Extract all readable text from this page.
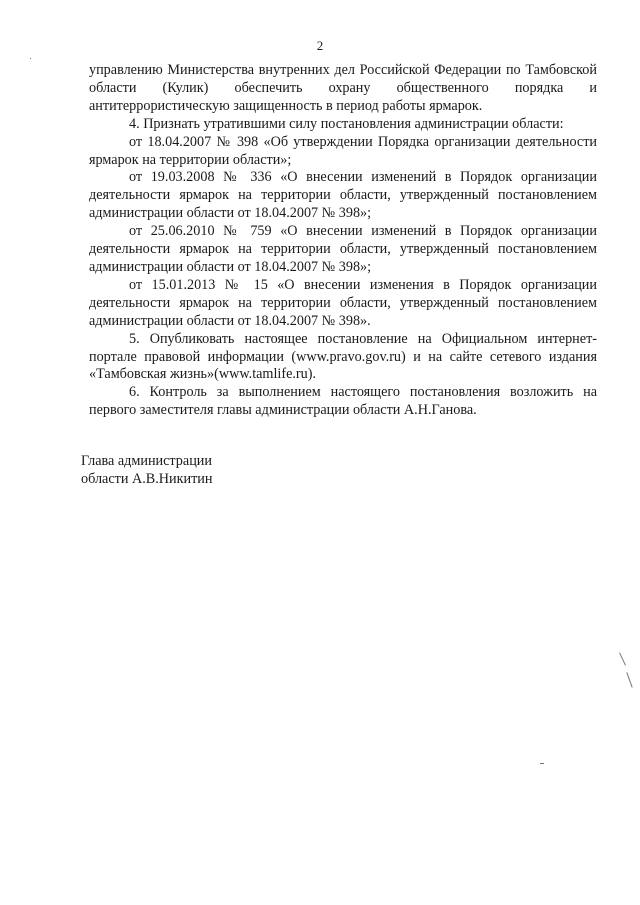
2

управлению Министерства внутренних дел Российской Федерации по Тамбовской области (Кулик) обеспечить охрану общественного порядка и антитеррористическую защищенность в период работы ярмарок.

4. Признать утратившими силу постановления администрации области:

от 18.04.2007 № 398 «Об утверждении Порядка организации деятельности ярмарок на территории области»;

от 19.03.2008 № 336 «О внесении изменений в Порядок организации деятельности ярмарок на территории области, утвержденный постановлением администрации области от 18.04.2007 № 398»;

от 25.06.2010 № 759 «О внесении изменений в Порядок организации деятельности ярмарок на территории области, утвержденный постановлением администрации области от 18.04.2007 № 398»;

от 15.01.2013 № 15 «О внесении изменения в Порядок организации деятельности ярмарок на территории области, утвержденный постановлением администрации области от 18.04.2007 № 398».

5. Опубликовать настоящее постановление на Официальном интернет-портале правовой информации (www.pravo.gov.ru) и на сайте сетевого издания «Тамбовская жизнь»(www.tamlife.ru).

6. Контроль за выполнением настоящего постановления возложить на первого заместителя главы администрации области А.Н.Ганова.

Глава администрации
области А.В.Никитин
